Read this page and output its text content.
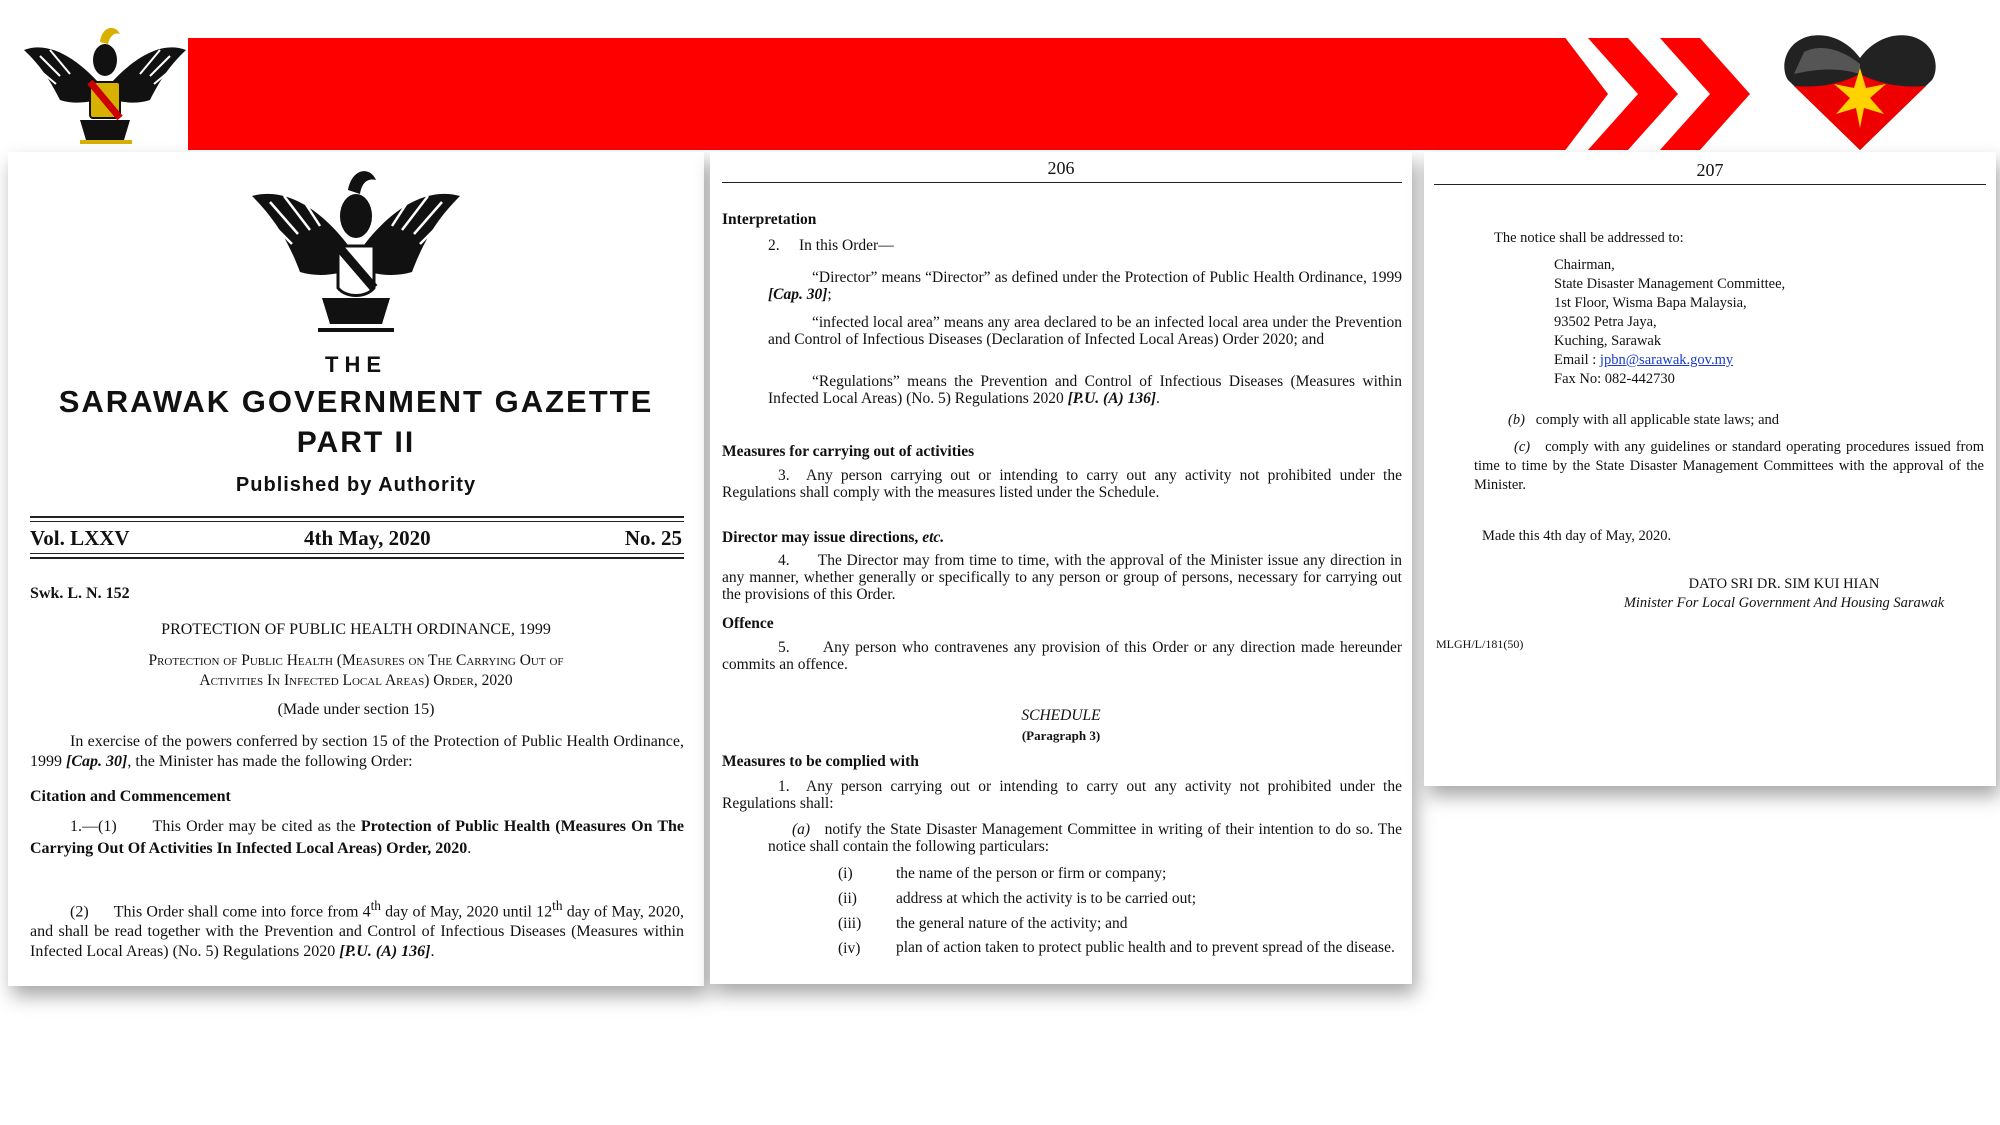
THE
SARAWAK GOVERNMENT GAZETTE
PART II
Published by Authority
Vol. LXXV	4th May, 2020	No. 25
Swk. L. N. 152
PROTECTION OF PUBLIC HEALTH ORDINANCE, 1999
Protection of Public Health (Measures on The Carrying Out of
Activities In Infected Local Areas) Order, 2020
(Made under section 15)
In exercise of the powers conferred by section 15 of the Protection of Public Health Ordinance, 1999 [Cap. 30], the Minister has made the following Order:
Citation and Commencement
1.—(1)       This Order may be cited as the Protection of Public Health (Measures On The Carrying Out Of Activities In Infected Local Areas) Order, 2020.
(2)      This Order shall come into force from 4th day of May, 2020 until 12th day of May, 2020, and shall be read together with the Prevention and Control of Infectious Diseases (Measures within Infected Local Areas) (No. 5) Regulations 2020 [P.U. (A) 136].
206
Interpretation
2.     In this Order—
“Director” means “Director” as defined under the Protection of Public Health Ordinance, 1999 [Cap. 30];
“infected local area” means any area declared to be an infected local area under the Prevention and Control of Infectious Diseases (Declaration of Infected Local Areas) Order 2020; and
“Regulations” means the Prevention and Control of Infectious Diseases (Measures within Infected Local Areas) (No. 5) Regulations 2020 [P.U. (A) 136].
Measures for carrying out of activities
3.  Any person carrying out or intending to carry out any activity not prohibited under the Regulations shall comply with the measures listed under the Schedule.
Director may issue directions, etc.
4.      The Director may from time to time, with the approval of the Minister issue any direction in any manner, whether generally or specifically to any person or group of persons, necessary for carrying out the provisions of this Order.
Offence
5.      Any person who contravenes any provision of this Order or any direction made hereunder commits an offence.
SCHEDULE
(Paragraph 3)
Measures to be complied with
1.  Any person carrying out or intending to carry out any activity not prohibited under the Regulations shall:
(a) notify the State Disaster Management Committee in writing of their intention to do so. The notice shall contain the following particulars:
(i)	the name of the person or firm or company;
(ii)	address at which the activity is to be carried out;
(iii) the general nature of the activity; and
(iv)	plan of action taken to protect public health and to prevent spread of the disease.
207
The notice shall be addressed to:
Chairman,
State Disaster Management Committee,
1st Floor, Wisma Bapa Malaysia,
93502 Petra Jaya,
Kuching, Sarawak
Email : jpbn@sarawak.gov.my
Fax No: 082-442730
(b) comply with all applicable state laws; and
(c) comply with any guidelines or standard operating procedures issued from time to time by the State Disaster Management Committees with the approval of the Minister.
Made this 4th day of May, 2020.
DATO SRI DR. SIM KUI HIAN
Minister For Local Government And Housing Sarawak
MLGH/L/181(50)
